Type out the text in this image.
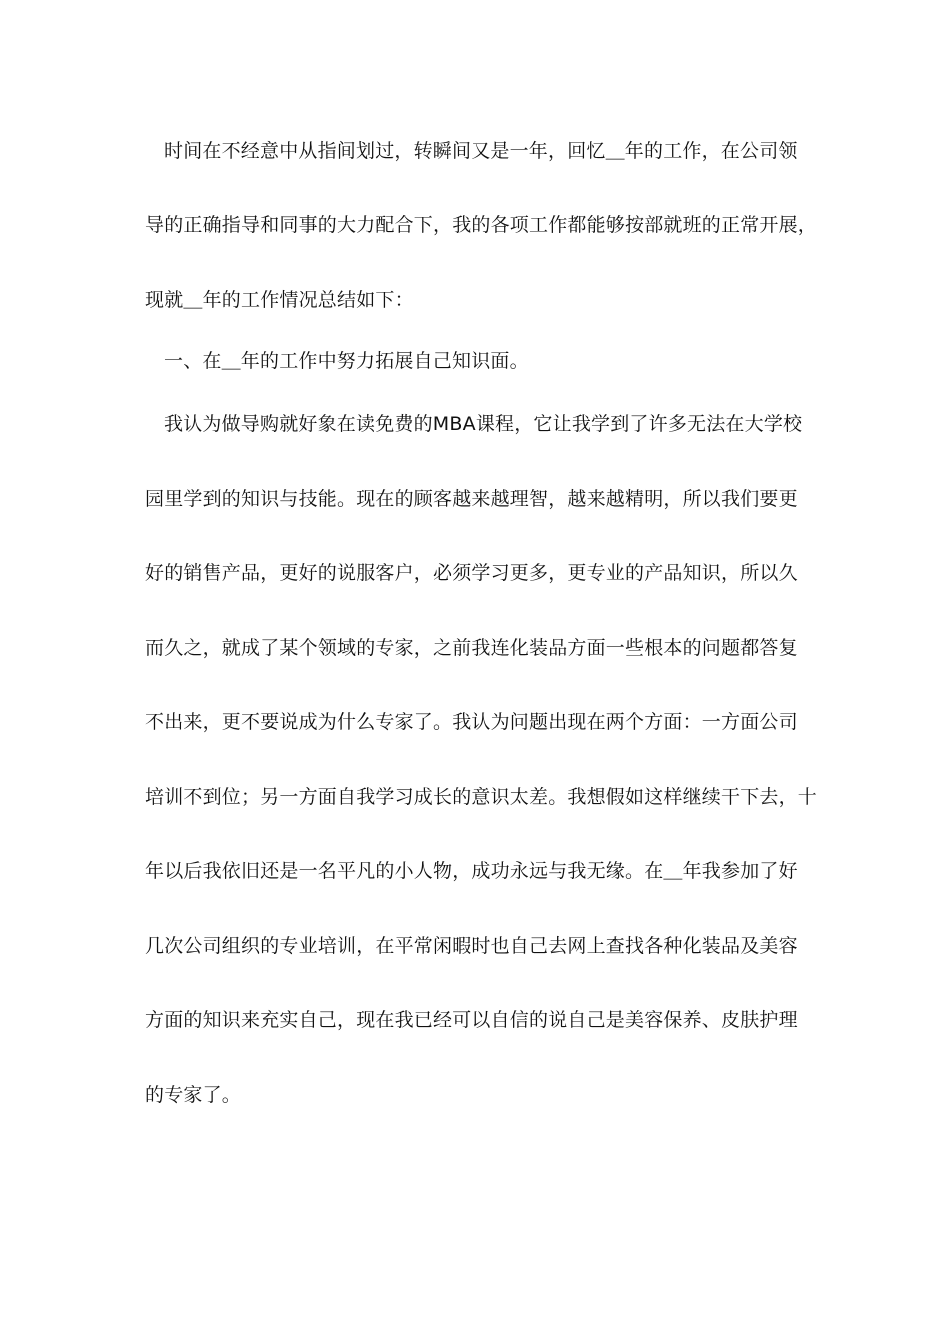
时间在不经意中从指间划过，转瞬间又是一年，回忆＿年的工作，在公司领
导的正确指导和同事的大力配合下，我的各项工作都能够按部就班的正常开展，
现就＿年的工作情况总结如下：
一、在＿年的工作中努力拓展自己知识面。
我认为做导购就好象在读免费的MBA课程，它让我学到了许多无法在大学校
园里学到的知识与技能。现在的顾客越来越理智，越来越精明，所以我们要更
好的销售产品，更好的说服客户，必须学习更多，更专业的产品知识，所以久
而久之，就成了某个领域的专家，之前我连化装品方面一些根本的问题都答复
不出来，更不要说成为什么专家了。我认为问题出现在两个方面：一方面公司
培训不到位；另一方面自我学习成长的意识太差。我想假如这样继续干下去，十
年以后我依旧还是一名平凡的小人物，成功永远与我无缘。在＿年我参加了好
几次公司组织的专业培训，在平常闲暇时也自己去网上查找各种化装品及美容
方面的知识来充实自己，现在我已经可以自信的说自己是美容保养、皮肤护理
的专家了。
